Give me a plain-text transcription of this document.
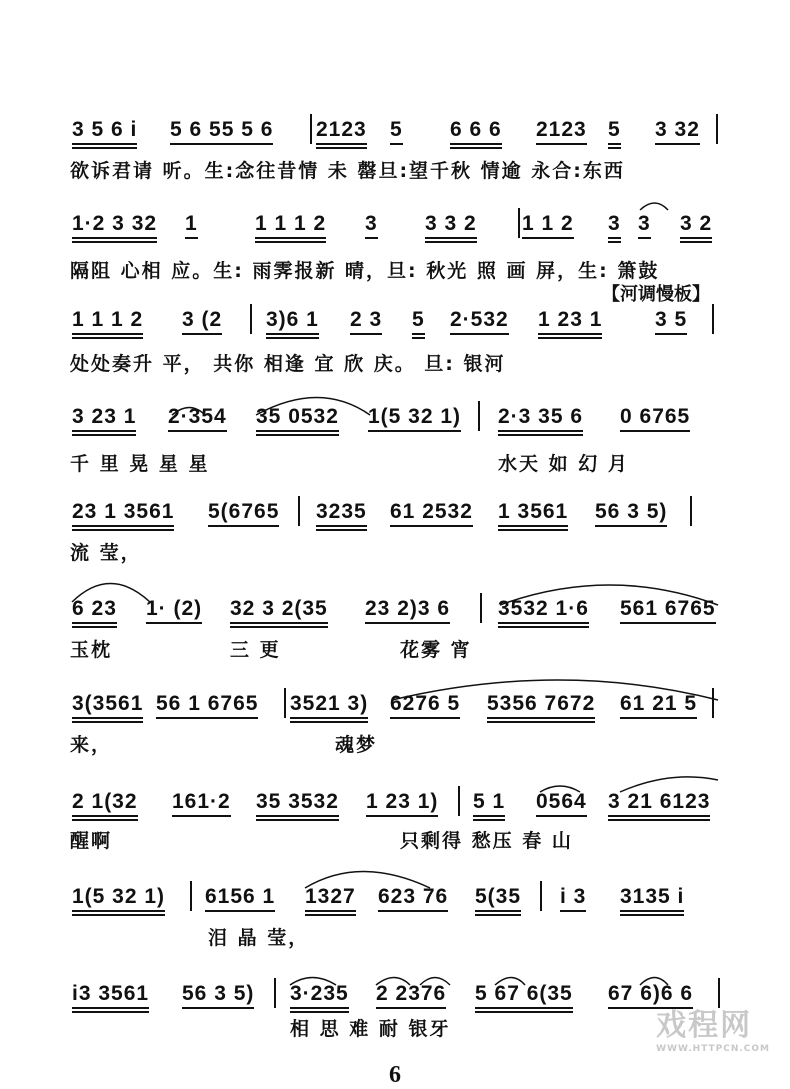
3 5 6 i 5 6 55 5 6 2123 5 6 6 6 2123 5 3 32
欲诉君请 听。生:念往昔情 未 罄旦:望千秋 情逾 永合:东西
1·2 3 32 1	1 1 1 2 3 3 3 2 1 1 2 3 3 3 2
隔阻 心相 应。生: 雨霁报新 晴，旦: 秋光 照 画 屏，生: 箫鼓
【河调慢板】
1 1 1 2 3 (2 3)6 1 2 3 5 2·532 1 23 1	3 5
处处奏升 平， 共你 相逢 宜 欣 庆。 旦: 银河
3 23 1 2·354 35 0532 1(5 32 1) 2·3 35 6 0 6765
千 里 晃 星 星	水天 如 幻 月
23 1 3561 5(6765 3235 61 2532 1 3561 56 3 5)
流 莹，
6 23 1· (2) 32 3 2(35 23 2)3 6 3532 1·6 561 6765
玉枕	三 更	花雾 宵
3(3561 56 1 6765 3521 3) 6276 5 5356 7672 61 21 5
来，	魂梦
2 1(32 161·2 35 3532 1 23 1) 5 1 0564 3 21 6123
醒啊	只剩得 愁压 春 山
1(5 32 1) 6156 1 1327 623 76 5(35 i 3 3135 i
泪 晶 莹，
i3 3561 56 3 5) 3·235 2 2376 5 67 6(35 67 6)6 6
相 思 难 耐 银牙
6
戏程网
WWW.HTTPCN.COM
